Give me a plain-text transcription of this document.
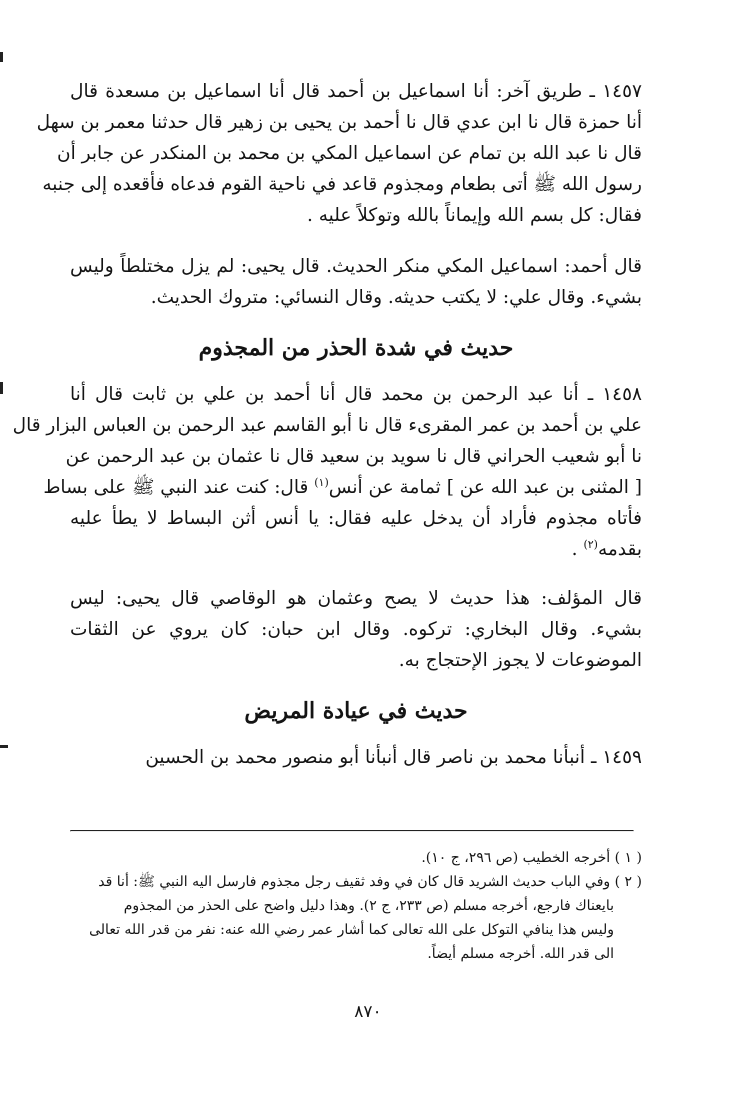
١٤٥٧ ـ طريق آخر: أنا اسماعيل بن أحمد قال أنا اسماعيل بن مسعدة قال
أنا حمزة قال نا ابن عدي قال نا أحمد بن يحيى بن زهير قال حدثنا معمر بن سهل
قال نا عبد الله بن تمام عن اسماعيل المكي بن محمد بن المنكدر عن جابر أن
رسول الله ﷺ أتى بطعام ومجذوم قاعد في ناحية القوم فدعاه فأقعده إلى جنبه
فقال: كل بسم الله وإيماناً بالله وتوكلاً عليه .

قال أحمد: اسماعيل المكي منكر الحديث. قال يحيى: لم يزل مختلطاً وليس
بشيء. وقال علي: لا يكتب حديثه. وقال النسائي: متروك الحديث.

حديث في شدة الحذر من المجذوم

١٤٥٨ ـ أنا عبد الرحمن بن محمد قال أنا أحمد بن علي بن ثابت قال أنا
علي بن أحمد بن عمر المقرىء قال نا أبو القاسم عبد الرحمن بن العباس البزار قال
نا أبو شعيب الحراني قال نا سويد بن سعيد قال نا عثمان بن عبد الرحمن عن
[ المثنى بن عبد الله عن ] ثمامة عن أنس$^{(١)}$ قال: كنت عند النبي ﷺ على بساط
فأتاه مجذوم فأراد أن يدخل عليه فقال: يا أنس أثن البساط لا يطأ عليه
بقدمه$^{(٢)}$ .

قال المؤلف: هذا حديث لا يصح وعثمان هو الوقاصي قال يحيى: ليس
بشيء. وقال البخاري: تركوه. وقال ابن حبان: كان يروي عن الثقات
الموضوعات لا يجوز الإحتجاج به.

حديث في عيادة المريض

١٤٥٩ ـ أنبأنا محمد بن ناصر قال أنبأنا أبو منصور محمد بن الحسين

( ١ ) أخرجه الخطيب (ص ٢٩٦، ج ١٠).
( ٢ ) وفي الباب حديث الشريد قال كان في وفد ثقيف رجل مجذوم فارسل اليه النبي ﷺ: أنا قد
بايعناك فارجع، أخرجه مسلم (ص ٢٣٣، ج ٢). وهذا دليل واضح على الحذر من المجذوم
وليس هذا ينافي التوكل على الله تعالى كما أشار عمر رضي الله عنه: نفر من قدر الله تعالى
الى قدر الله. أخرجه مسلم أيضاً.
٨٧٠
